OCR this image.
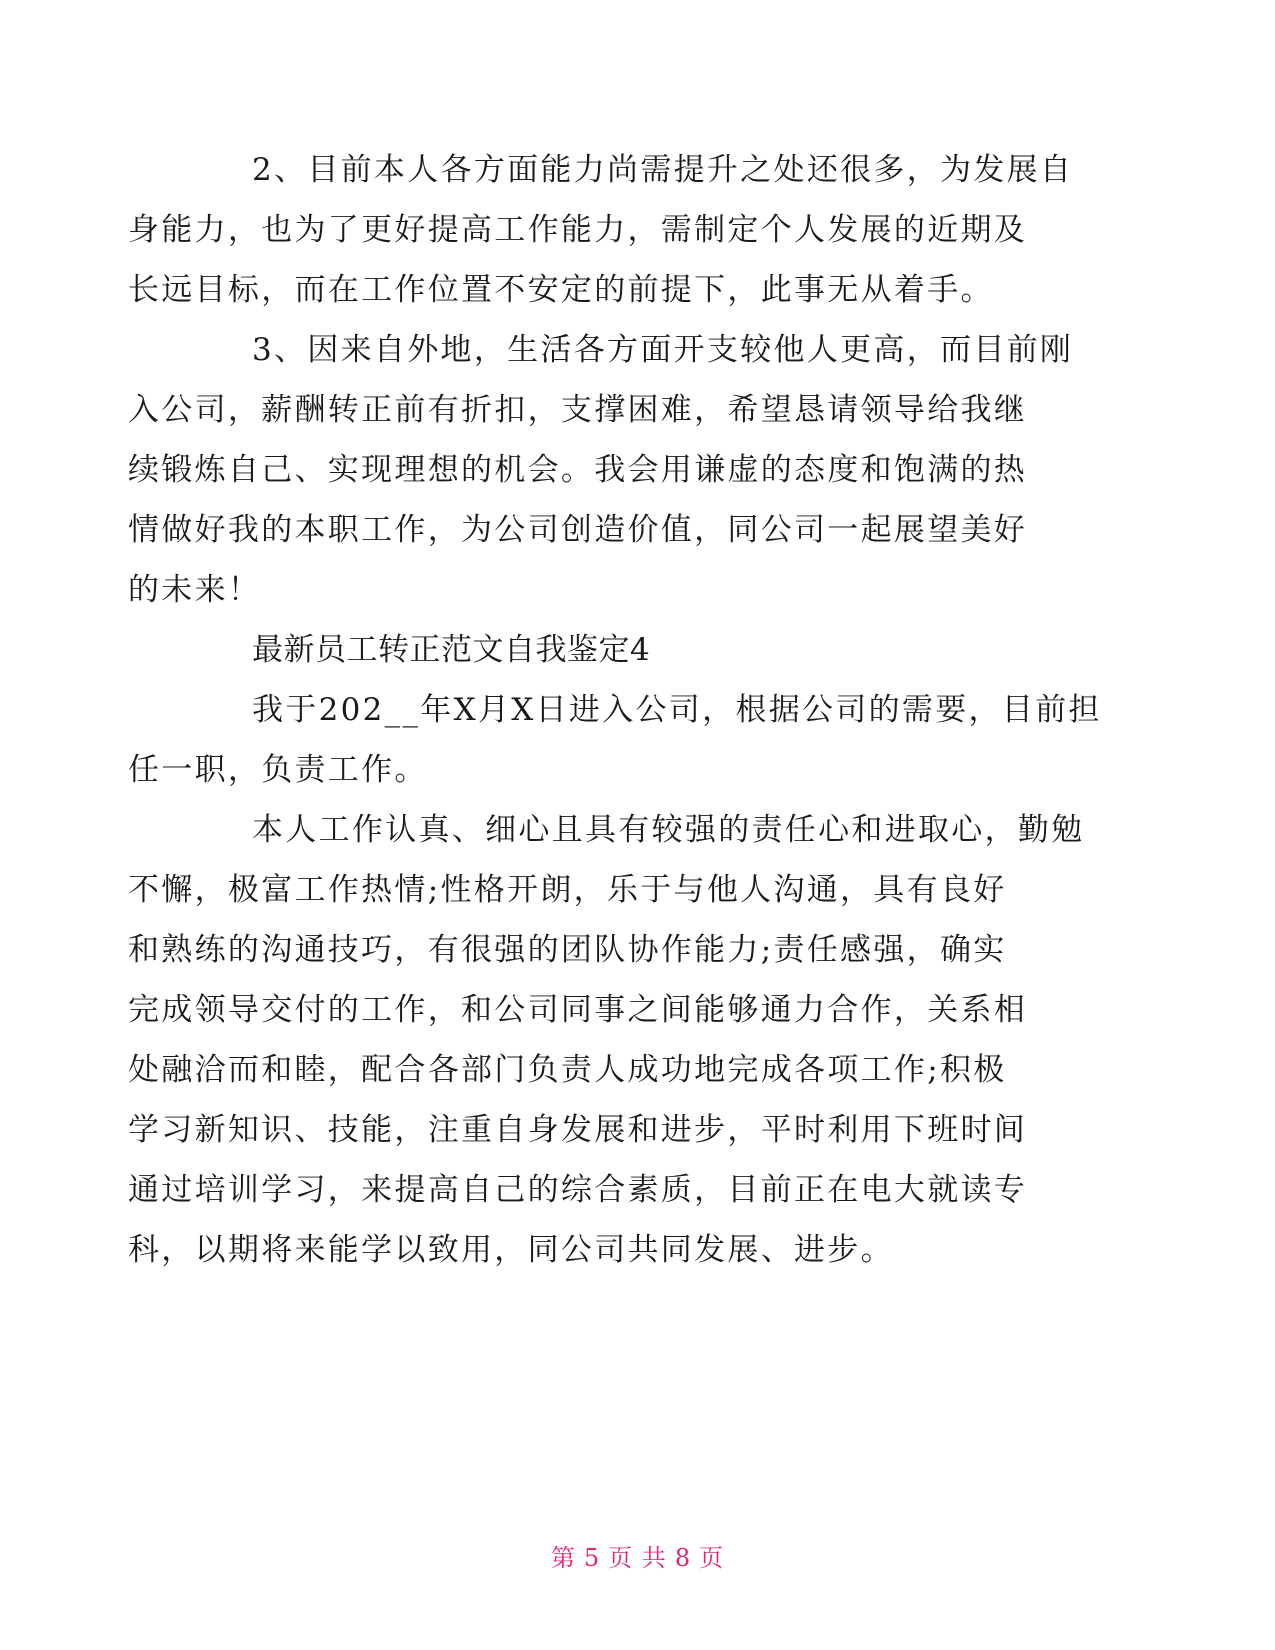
2、目前本人各方面能力尚需提升之处还很多，为发展自
身能力，也为了更好提高工作能力，需制定个人发展的近期及
长远目标，而在工作位置不安定的前提下，此事无从着手。

3、因来自外地，生活各方面开支较他人更高，而目前刚
入公司，薪酬转正前有折扣，支撑困难，希望恳请领导给我继
续锻炼自己、实现理想的机会。我会用谦虚的态度和饱满的热
情做好我的本职工作，为公司创造价值，同公司一起展望美好
的未来！

最新员工转正范文自我鉴定4

我于202__年X月X日进入公司，根据公司的需要，目前担
任一职，负责工作。

本人工作认真、细心且具有较强的责任心和进取心，勤勉
不懈，极富工作热情;性格开朗，乐于与他人沟通，具有良好
和熟练的沟通技巧，有很强的团队协作能力;责任感强，确实
完成领导交付的工作，和公司同事之间能够通力合作，关系相
处融洽而和睦，配合各部门负责人成功地完成各项工作;积极
学习新知识、技能，注重自身发展和进步，平时利用下班时间
通过培训学习，来提高自己的综合素质，目前正在电大就读专
科，以期将来能学以致用，同公司共同发展、进步。

第 5 页 共 8 页
